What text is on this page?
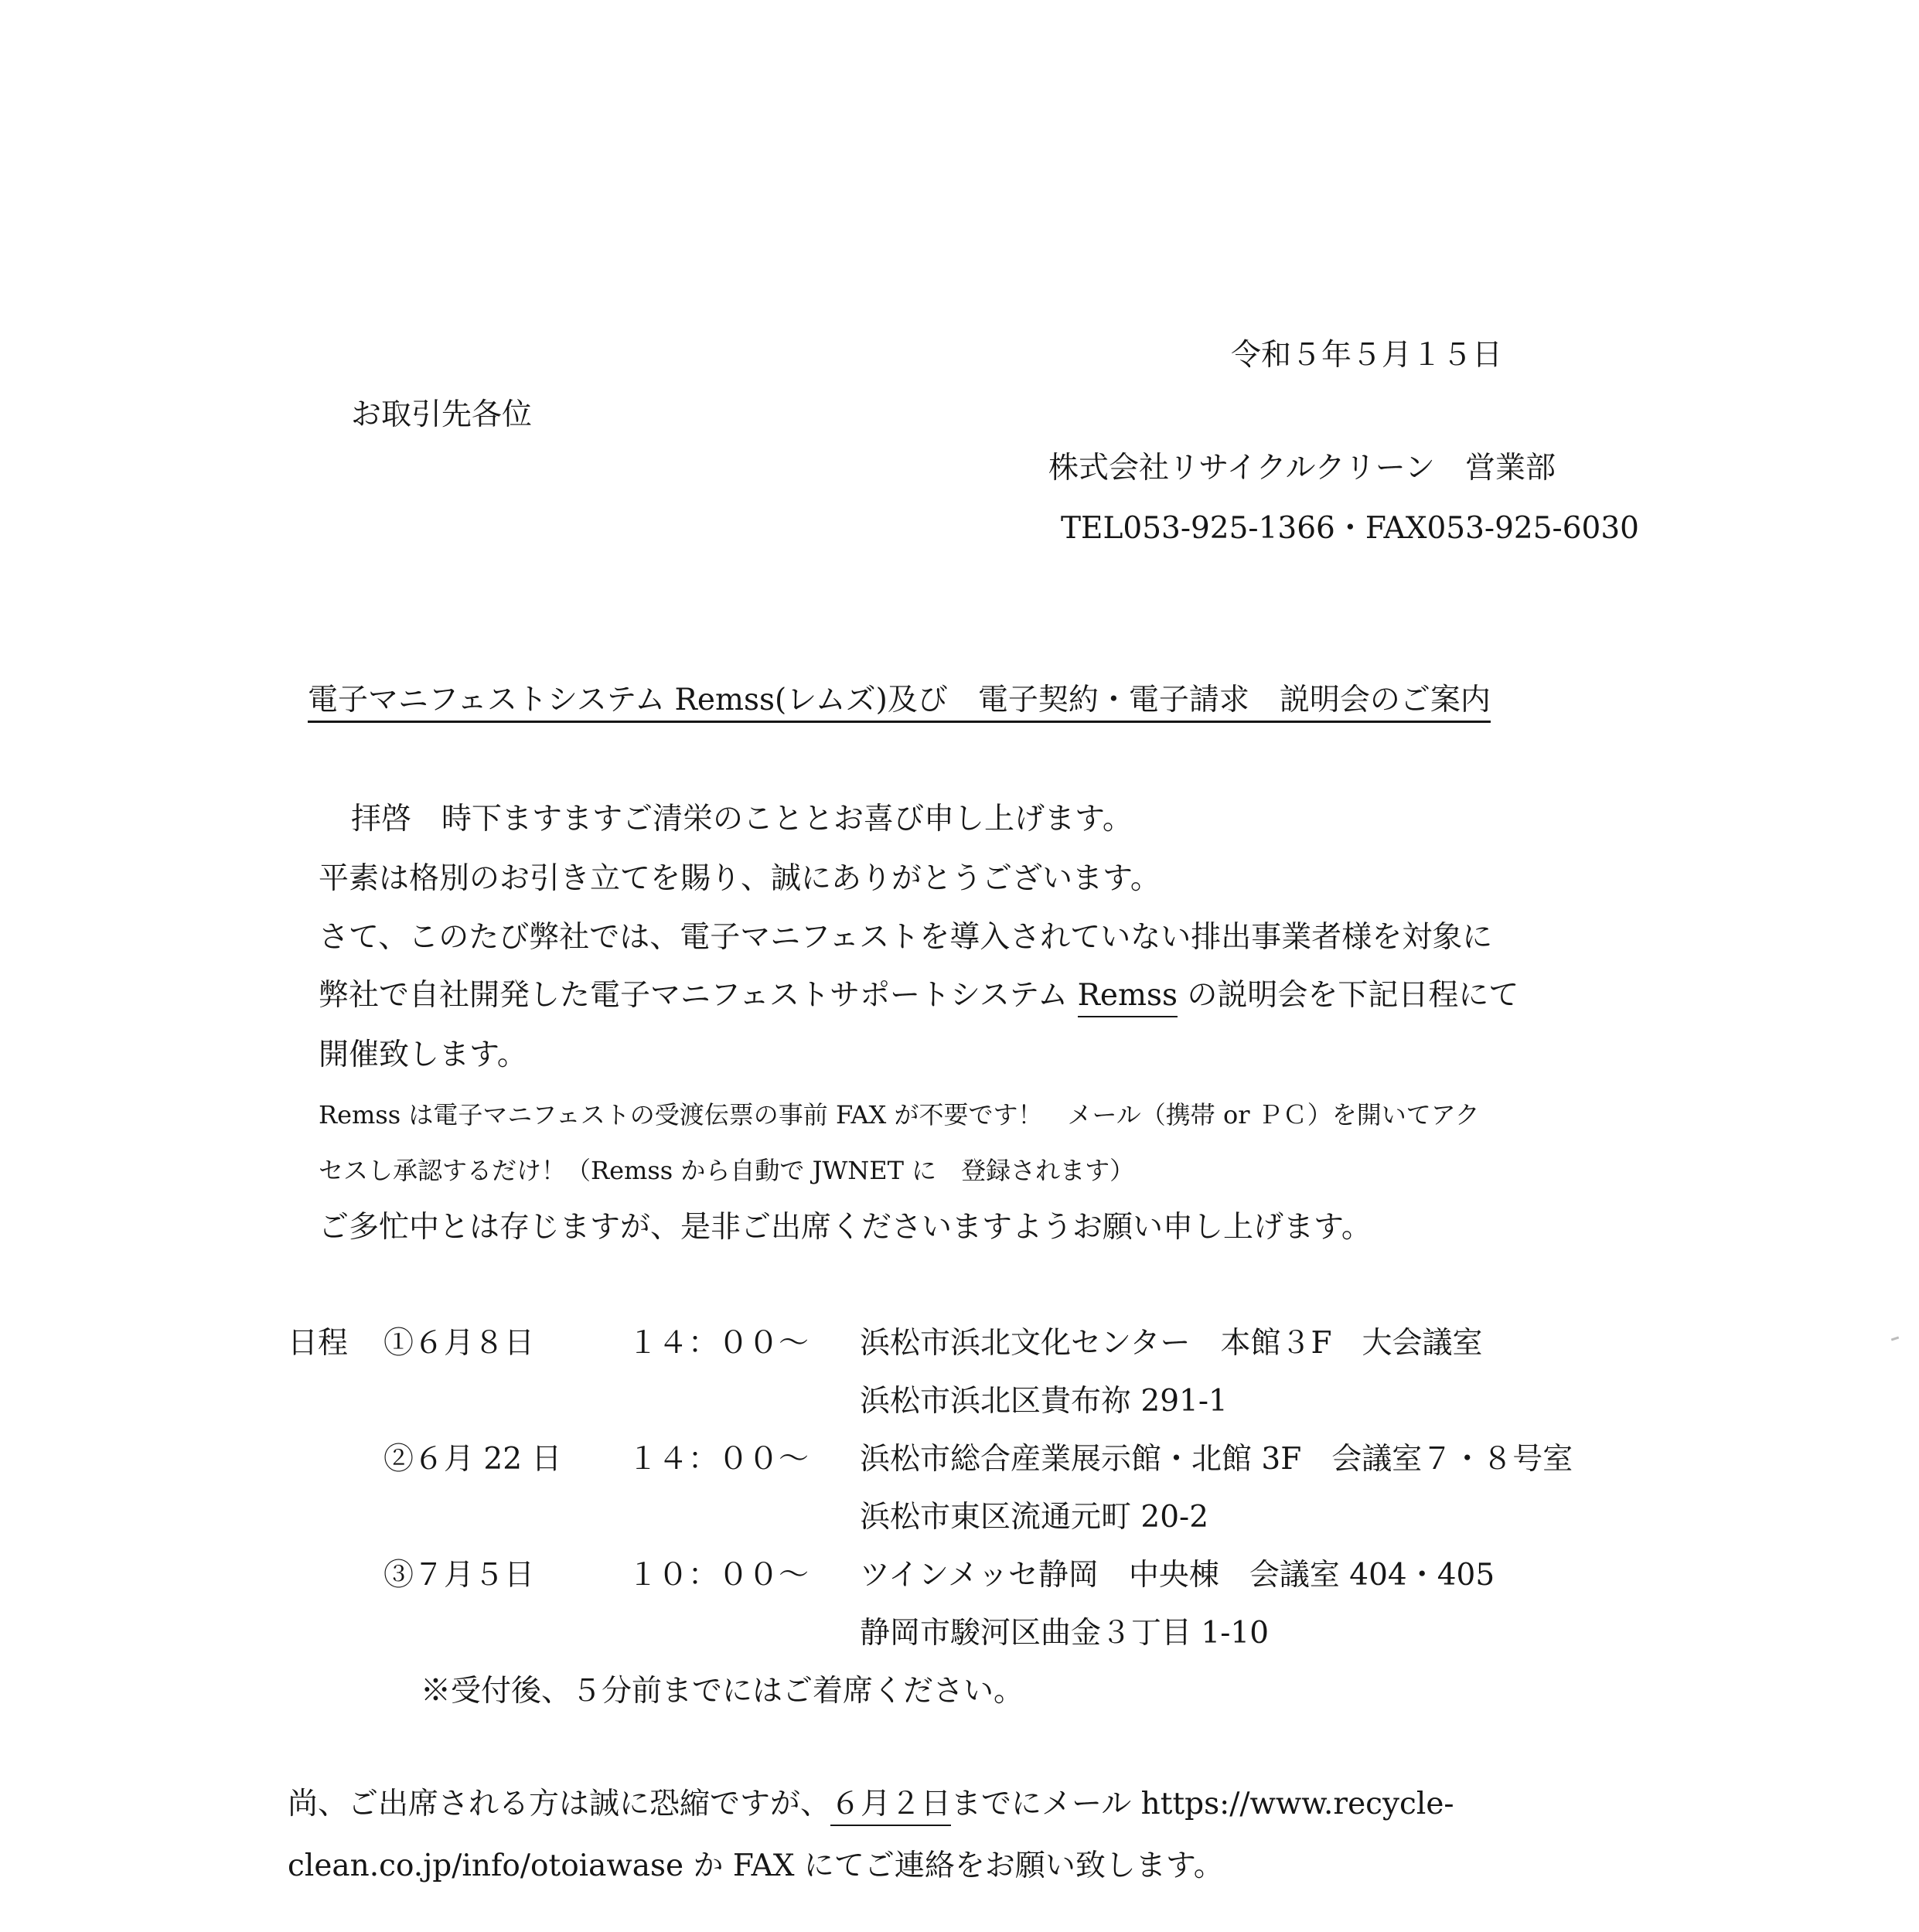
令和５年５月１５日
お取引先各位
株式会社リサイクルクリーン　営業部
TEL053-925-1366・FAX053-925-6030
電子マニフェストシステム Remss(レムズ)及び　電子契約・電子請求　説明会のご案内
拝啓　時下ますますご清栄のこととお喜び申し上げます。
平素は格別のお引き立てを賜り、誠にありがとうございます。
さて、このたび弊社では、電子マニフェストを導入されていない排出事業者様を対象に
弊社で自社開発した電子マニフェストサポートシステム Remss の説明会を下記日程にて
開催致します。
Remss は電子マニフェストの受渡伝票の事前 FAX が不要です！　メール（携帯 or ＰＣ）を開いてアク
セスし承認するだけ！（Remss から自動で JWNET に　登録されます）
ご多忙中とは存じますが、是非ご出席くださいますようお願い申し上げます。
日程 ①６月８日	１４：００～ 浜松市浜北文化センター　本館３F　大会議室
浜松市浜北区貴布祢 291-1
②６月 22 日 １４：００～ 浜松市総合産業展示館・北館 3F　会議室７・８号室
浜松市東区流通元町 20-2
③７月５日	１０：００～ ツインメッセ静岡　中央棟　会議室 404・405
静岡市駿河区曲金３丁目 1-10
※受付後、５分前までにはご着席ください。
尚、ご出席される方は誠に恐縮ですが、６月２日までにメール https://www.recycle-
clean.co.jp/info/otoiawase か FAX にてご連絡をお願い致します。
